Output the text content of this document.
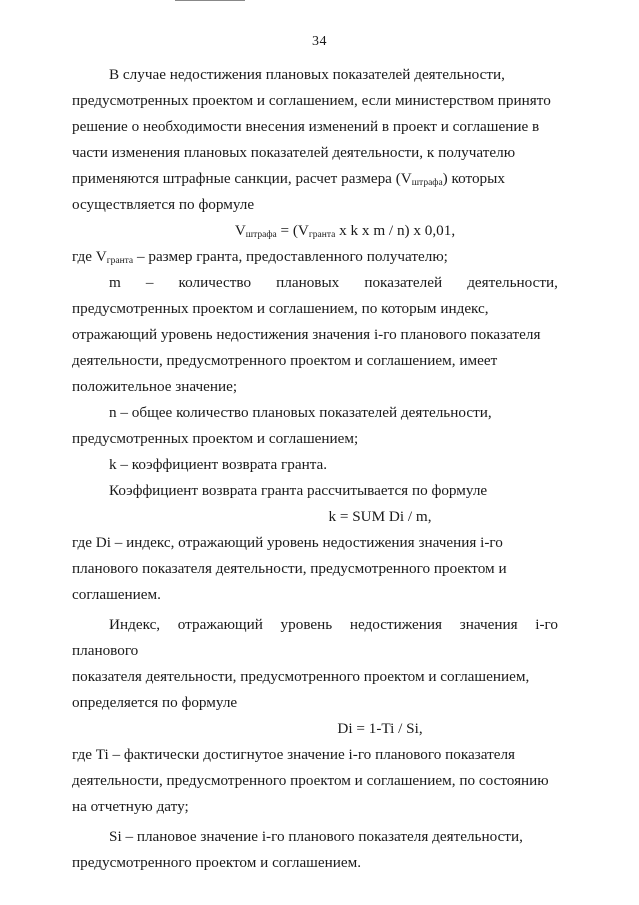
34

В случае недостижения плановых показателей деятельности,

предусмотренных проектом и соглашением, если министерством принято

решение о необходимости внесения изменений в проект и соглашение в

части изменения плановых показателей деятельности, к получателю

применяются штрафные санкции, расчет размера $(V_{штрафа})$ которых

осуществляется по формуле

$V_{штрафа} = (V_{гранта}$ x k x m / n) x 0,01,

где $V_{гранта}$ – размер гранта, предоставленного получателю;

m – количество плановых показателей деятельности,

предусмотренных проектом и соглашением, по которым индекс,

отражающий уровень недостижения значения i-го планового показателя

деятельности, предусмотренного проектом и соглашением, имеет

положительное значение;

n – общее количество плановых показателей деятельности,

предусмотренных проектом и соглашением;

k – коэффициент возврата гранта.

Коэффициент возврата гранта рассчитывается по формуле

k = SUM Di / m,

где Di – индекс, отражающий уровень недостижения значения i-го

планового показателя деятельности, предусмотренного проектом и

соглашением.

Индекс, отражающий уровень недостижения значения i-го планового

показателя деятельности, предусмотренного проектом и соглашением,

определяется по формуле

Di = 1-Ti / Si,

где Ti – фактически достигнутое значение i-го планового показателя

деятельности, предусмотренного проектом и соглашением, по состоянию

на отчетную дату;

Si – плановое значение i-го планового показателя деятельности,

предусмотренного проектом и соглашением.
